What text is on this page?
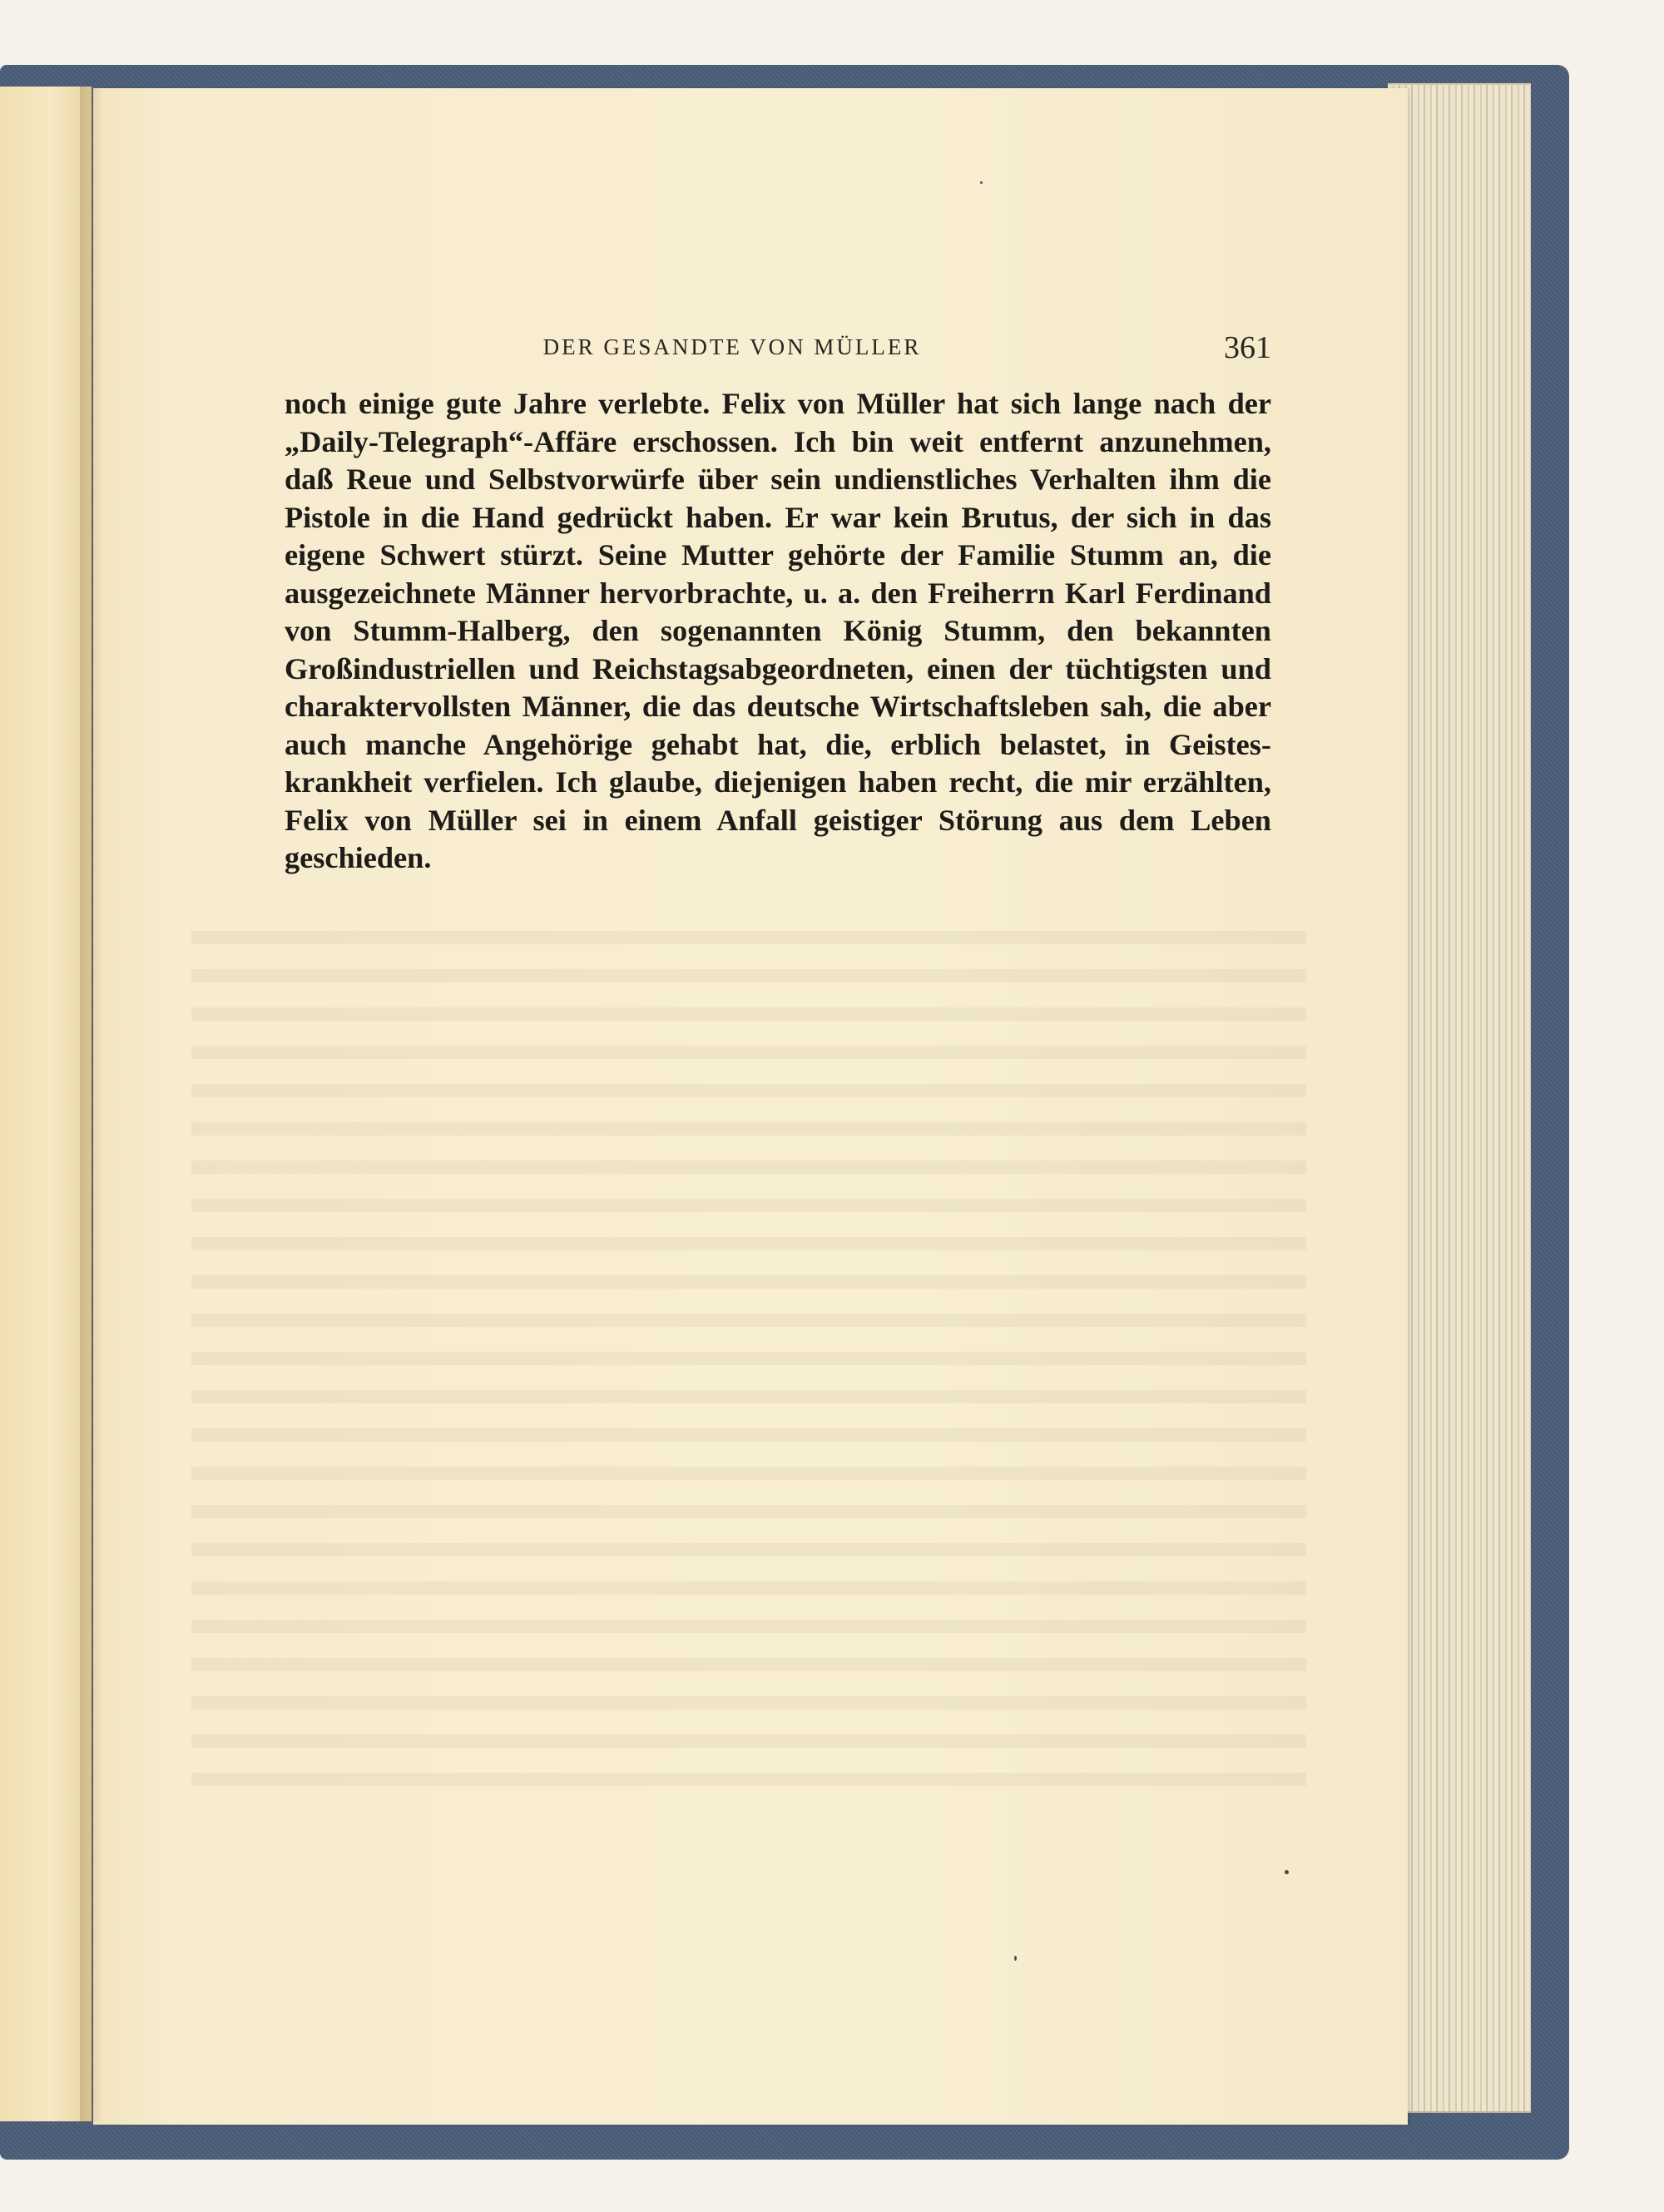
DER GESANDTE VON MÜLLER	361
noch einige gute Jahre verlebte. Felix von Müller hat sich lange nach der
„Daily-Telegraph“-Affäre erschossen. Ich bin weit entfernt anzunehmen,
daß Reue und Selbstvorwürfe über sein undienstliches Verhalten ihm die
Pistole in die Hand gedrückt haben. Er war kein Brutus, der sich in das
eigene Schwert stürzt. Seine Mutter gehörte der Familie Stumm an, die
ausgezeichnete Männer hervorbrachte, u. a. den Freiherrn Karl Ferdinand
von Stumm-Halberg, den sogenannten König Stumm, den bekannten
Großindustriellen und Reichstagsabgeordneten, einen der tüchtigsten und
charaktervollsten Männer, die das deutsche Wirtschaftsleben sah, die aber
auch manche Angehörige gehabt hat, die, erblich belastet, in Geistes-
krankheit verfielen. Ich glaube, diejenigen haben recht, die mir erzählten,
Felix von Müller sei in einem Anfall geistiger Störung aus dem Leben
geschieden.
